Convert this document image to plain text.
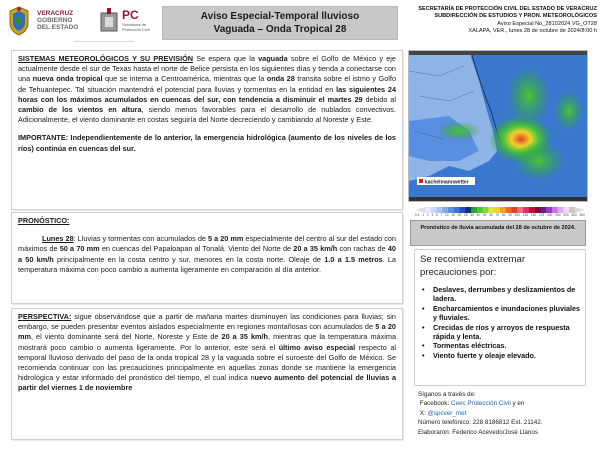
VERACRUZ
GOBIERNO
DEL ESTADO
PC
Secretaría de Protección Civil
Aviso Especial-Temporal lluvioso
Vaguada – Onda Tropical 28
SECRETARÍA DE PROTECCIÓN CIVIL DEL ESTADO DE VERACRUZ
SUBDIRECCIÓN DE ESTUDIOS Y PRON. METEOROLÓGICOS
Aviso Especial No_28102024 VG_OT28
XALAPA, VER., lunes 28 de octubre de 2024/8:00 h

SISTEMAS METEOROLÓGICOS Y SU PREVISIÓN Se espera que la vaguada sobre el Golfo de México y eje actualmente desde el sur de Texas hasta el norte de Belice persista en los siguientes días y tienda a conectarse con una nueva onda tropical que se interna a Centroamérica, mientras que la onda 28 transita sobre el istmo y Golfo de Tehuantepec. Tal situación mantendrá el potencial para lluvias y tormentas en la entidad en las siguientes 24 horas con los máximos acumulados en cuencas del sur, con tendencia a disminuir el martes 29 debido al cambio de los vientos en altura, siendo menos favorables para el desarrollo de nublados convectivos. Adicionalmente, el viento dominante en costas seguiría del Norte decreciendo y cambiando al Noreste y Este.

IMPORTANTE: Independientemente de lo anterior, la emergencia hidrológica (aumento de los niveles de los ríos) continúa en cuencas del sur.

PRONÓSTICO:

Lunes 28: Lluvias y tormentas con acumulados de 5 a 20 mm especialmente del centro al sur del estado con máximos de 50 a 70 mm en cuencas del Papaloapan al Tonalá. Viento del Norte de 20 a 35 km/h con rachas de 40 a 50 km/h principalmente en la costa centro y sur, menores en la costa norte. Oleaje de 1.0 a 1.5 metros. La temperatura máxima con poco cambio a aumenta ligeramente en comparación al día anterior.

PERSPECTIVA: sigue observándose que a partir de mañana martes disminuyen las condiciones para lluvias; sin embargo, se pueden presentar eventos aislados especialmente en regiones montañosas con acumulados de 5 a 20 mm, el viento dominante será del Norte, Noreste y Este de 20 a 35 km/h, mientras que la temperatura máxima mostrará poco cambio o aumenta ligeramente. Por lo anterior, este será el último aviso especial respecto al temporal lluvioso derivado del paso de la onda tropical 28 y la vaguada sobre el suroeste del Golfo de México. Se recomienda continuar con las precauciones principalmente en aquellas zonas donde se mantiene la emergencia hidrológica y estar informado del pronóstico del tiempo, el cual indica nuevo aumento del potencial de lluvias a partir del viernes 1 de noviembre

kachelmannwetter
0.1 1 2 3 5 7 10 15 20 25 30 40 50 60 70 80 90 100 125 150 175 200 250 300 400 500
Pronóstico de lluvia acumulada del 28 de octubre de 2024.
Se recomienda extremar precauciones por:
• Deslaves, derrumbes y deslizamientos de ladera.
• Encharcamientos e inundaciones pluviales y fluviales.
• Crecidas de ríos y arroyos de respuesta rápida y lenta.
• Tormentas eléctricas.
• Viento fuerte y oleaje elevado.
Síganos a través de:
Facebook: Ceec Protección Civil y en
X: @spcver_met
Número telefónico: 228 8186812 Ext. 21142.
Elaboraron: Federico Acevedo/José Llanos
